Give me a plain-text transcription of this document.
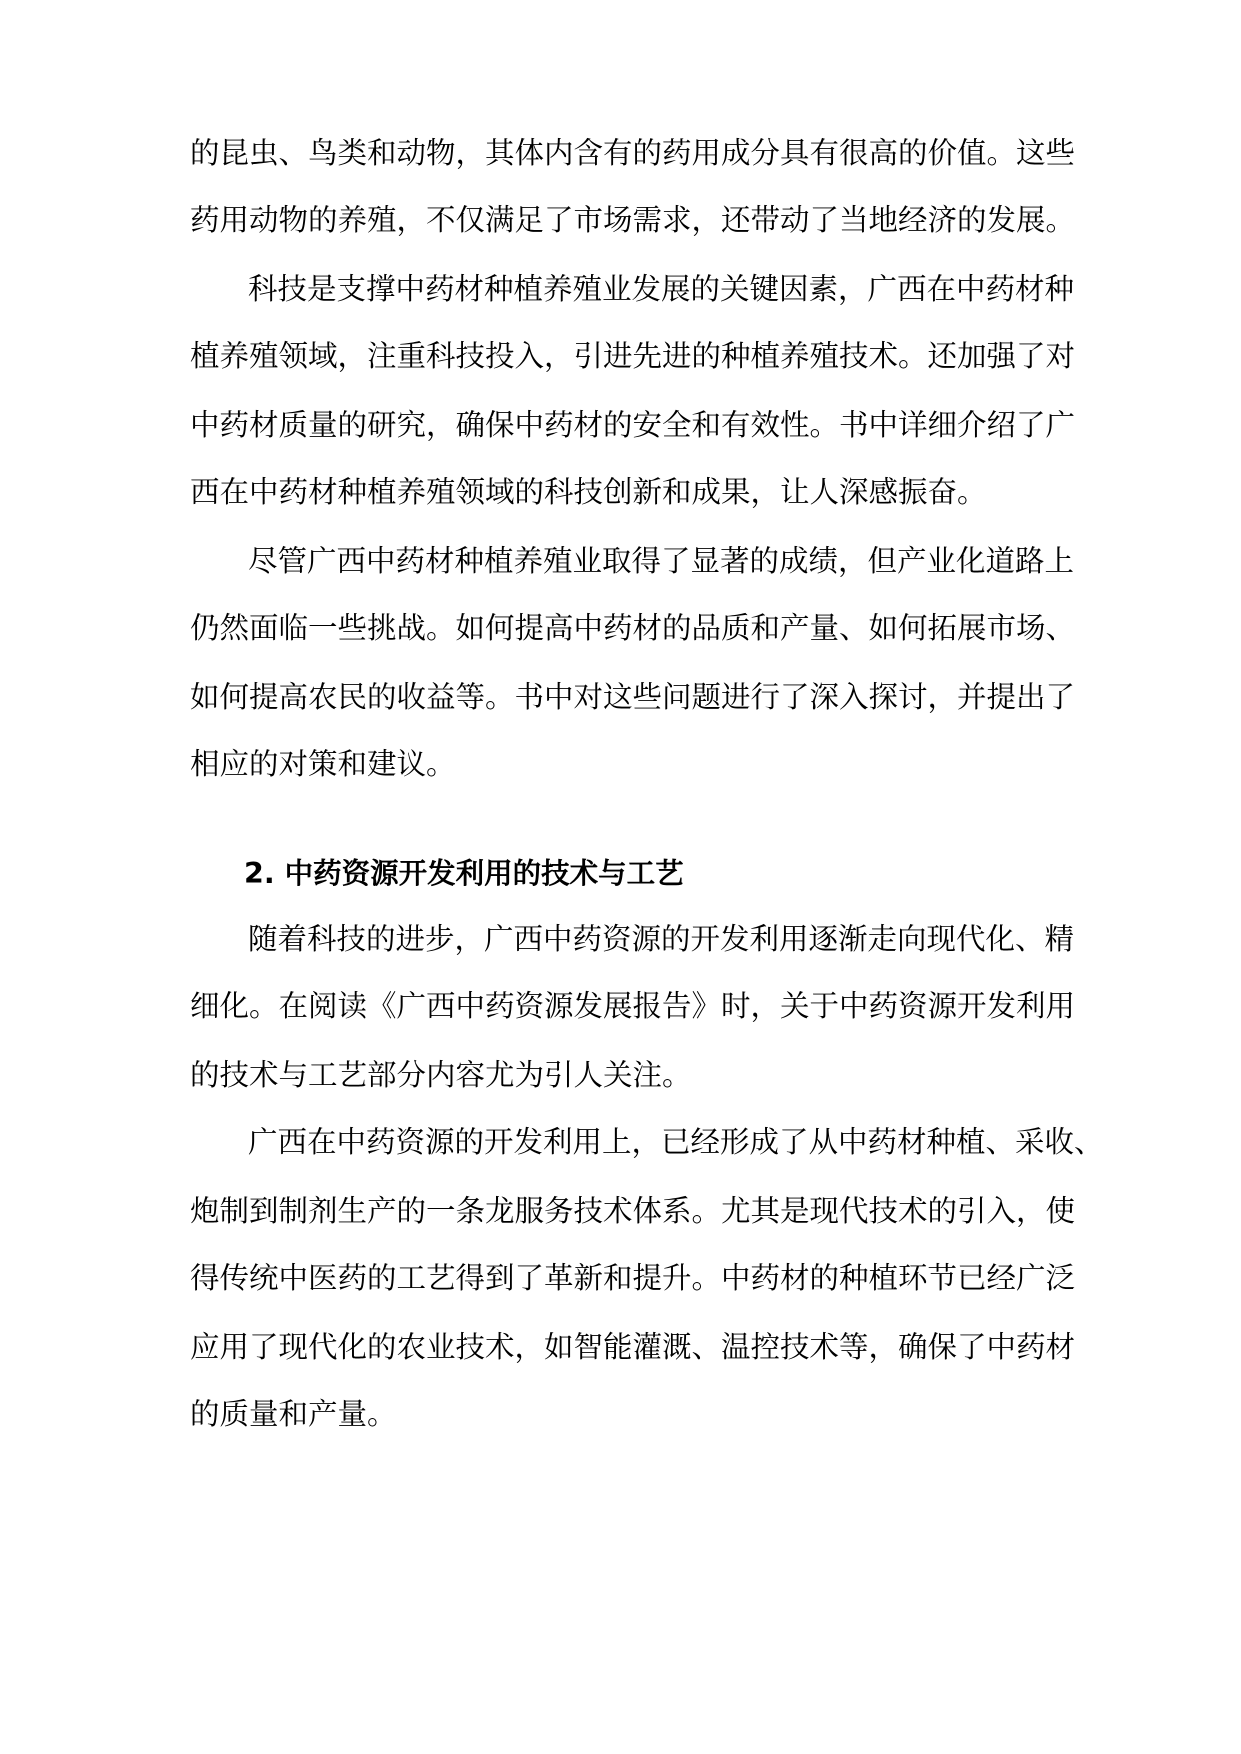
的昆虫、鸟类和动物，其体内含有的药用成分具有很高的价值。这些
药用动物的养殖，不仅满足了市场需求，还带动了当地经济的发展。
科技是支撑中药材种植养殖业发展的关键因素，广西在中药材种
植养殖领域，注重科技投入，引进先进的种植养殖技术。还加强了对
中药材质量的研究，确保中药材的安全和有效性。书中详细介绍了广
西在中药材种植养殖领域的科技创新和成果，让人深感振奋。
尽管广西中药材种植养殖业取得了显著的成绩，但产业化道路上
仍然面临一些挑战。如何提高中药材的品质和产量、如何拓展市场、
如何提高农民的收益等。书中对这些问题进行了深入探讨，并提出了
相应的对策和建议。
2. 中药资源开发利用的技术与工艺
随着科技的进步，广西中药资源的开发利用逐渐走向现代化、精
细化。在阅读《广西中药资源发展报告》时，关于中药资源开发利用
的技术与工艺部分内容尤为引人关注。
广西在中药资源的开发利用上，已经形成了从中药材种植、采收、
炮制到制剂生产的一条龙服务技术体系。尤其是现代技术的引入，使
得传统中医药的工艺得到了革新和提升。中药材的种植环节已经广泛
应用了现代化的农业技术，如智能灌溉、温控技术等，确保了中药材
的质量和产量。
